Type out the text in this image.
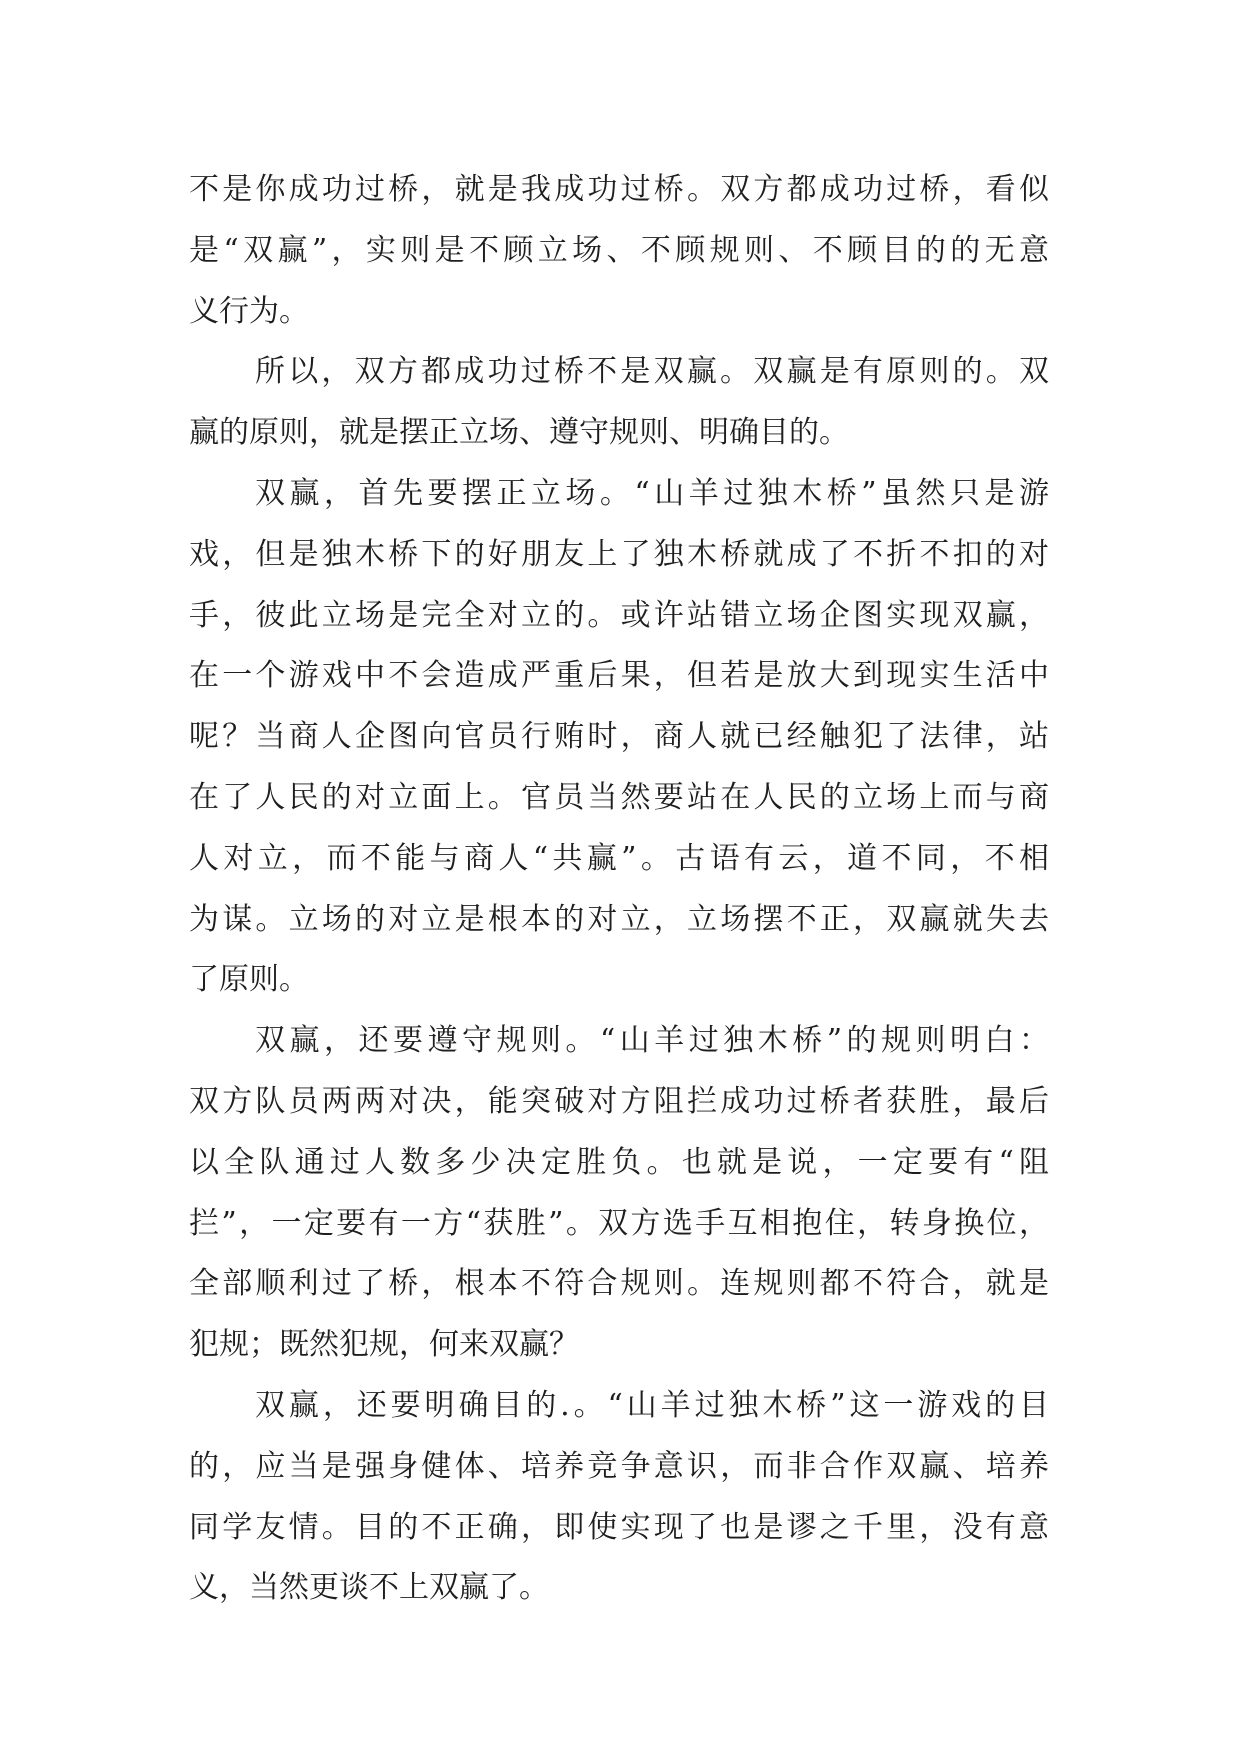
不是你成功过桥，就是我成功过桥。双方都成功过桥，看似
是“双赢”，实则是不顾立场、不顾规则、不顾目的的无意
义行为。
所以，双方都成功过桥不是双赢。双赢是有原则的。双
赢的原则，就是摆正立场、遵守规则、明确目的。
双赢，首先要摆正立场。“山羊过独木桥”虽然只是游
戏，但是独木桥下的好朋友上了独木桥就成了不折不扣的对
手，彼此立场是完全对立的。或许站错立场企图实现双赢，
在一个游戏中不会造成严重后果，但若是放大到现实生活中
呢？当商人企图向官员行贿时，商人就已经触犯了法律，站
在了人民的对立面上。官员当然要站在人民的立场上而与商
人对立，而不能与商人“共赢”。古语有云，道不同，不相
为谋。立场的对立是根本的对立，立场摆不正，双赢就失去
了原则。
双赢，还要遵守规则。“山羊过独木桥”的规则明白：
双方队员两两对决，能突破对方阻拦成功过桥者获胜，最后
以全队通过人数多少决定胜负。也就是说，一定要有“阻
拦”，一定要有一方“获胜”。双方选手互相抱住，转身换位，
全部顺利过了桥，根本不符合规则。连规则都不符合，就是
犯规；既然犯规，何来双赢？
双赢，还要明确目的.。“山羊过独木桥”这一游戏的目
的，应当是强身健体、培养竞争意识，而非合作双赢、培养
同学友情。目的不正确，即使实现了也是谬之千里，没有意
义，当然更谈不上双赢了。
